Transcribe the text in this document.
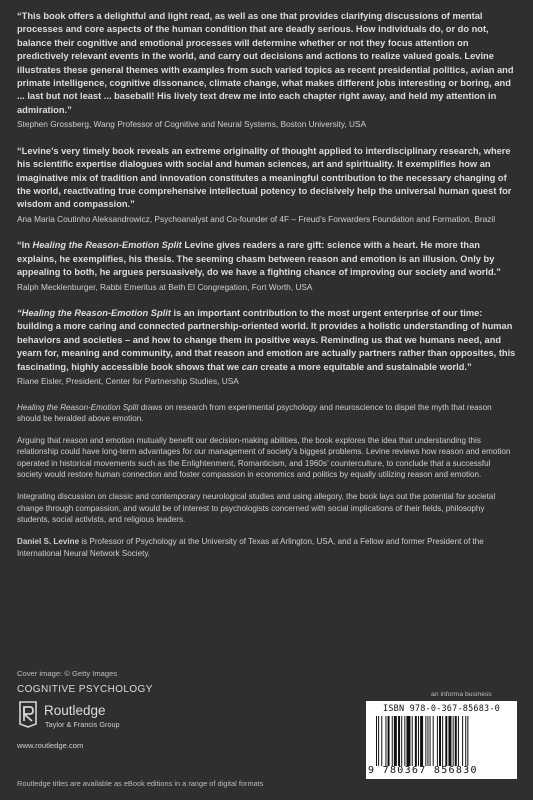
“This book offers a delightful and light read, as well as one that provides clarifying discussions of mental processes and core aspects of the human condition that are deadly serious. How individuals do, or do not, balance their cognitive and emotional processes will determine whether or not they focus attention on predictively relevant events in the world, and carry out decisions and actions to realize valued goals. Levine illustrates these general themes with examples from such varied topics as recent presidential politics, avian and primate intelligence, cognitive dissonance, climate change, what makes different jobs interesting or boring, and ... last but not least ... baseball! His lively text drew me into each chapter right away, and held my attention in admiration.”

Stephen Grossberg, Wang Professor of Cognitive and Neural Systems, Boston University, USA

“Levine’s very timely book reveals an extreme originality of thought applied to interdisciplinary research, where his scientific expertise dialogues with social and human sciences, art and spirituality. It exemplifies how an imaginative mix of tradition and innovation constitutes a meaningful contribution to the necessary changing of the world, reactivating true comprehensive intellectual potency to decisively help the universal human quest for wisdom and compassion.”

Ana Maria Coutinho Aleksandrowicz, Psychoanalyst and Co-founder of 4F – Freud’s Forwarders Foundation and Formation, Brazil

“In Healing the Reason-Emotion Split Levine gives readers a rare gift: science with a heart. He more than explains, he exemplifies, his thesis. The seeming chasm between reason and emotion is an illusion. Only by appealing to both, he argues persuasively, do we have a fighting chance of improving our society and world.”

Ralph Mecklenburger, Rabbi Emeritus at Beth El Congregation, Fort Worth, USA

“Healing the Reason-Emotion Split is an important contribution to the most urgent enterprise of our time: building a more caring and connected partnership-oriented world. It provides a holistic understanding of human behaviors and societies – and how to change them in positive ways. Reminding us that we humans need, and yearn for, meaning and community, and that reason and emotion are actually partners rather than opposites, this fascinating, highly accessible book shows that we can create a more equitable and sustainable world.”

Riane Eisler, President, Center for Partnership Studies, USA

Healing the Reason-Emotion Split draws on research from experimental psychology and neuroscience to dispel the myth that reason should be heralded above emotion.

Arguing that reason and emotion mutually benefit our decision-making abilities, the book explores the idea that understanding this relationship could have long-term advantages for our management of society’s biggest problems. Levine reviews how reason and emotion operated in historical movements such as the Enlightenment, Romanticism, and 1960s’ counterculture, to conclude that a successful society would restore human connection and foster compassion in economics and politics by equally utilizing reason and emotion.

Integrating discussion on classic and contemporary neurological studies and using allegory, the book lays out the potential for societal change through compassion, and would be of interest to psychologists concerned with social implications of their fields, philosophy students, social activists, and religious leaders.

Daniel S. Levine is Professor of Psychology at the University of Texas at Arlington, USA, and a Fellow and former President of the International Neural Network Society.

Cover image: © Getty Images
COGNITIVE PSYCHOLOGY
Routledge
Taylor & Francis Group
www.routledge.com
Routledge titles are available as eBook editions in a range of digital formats
an informa business
ISBN 978-0-367-85683-0
9 780367 856830
